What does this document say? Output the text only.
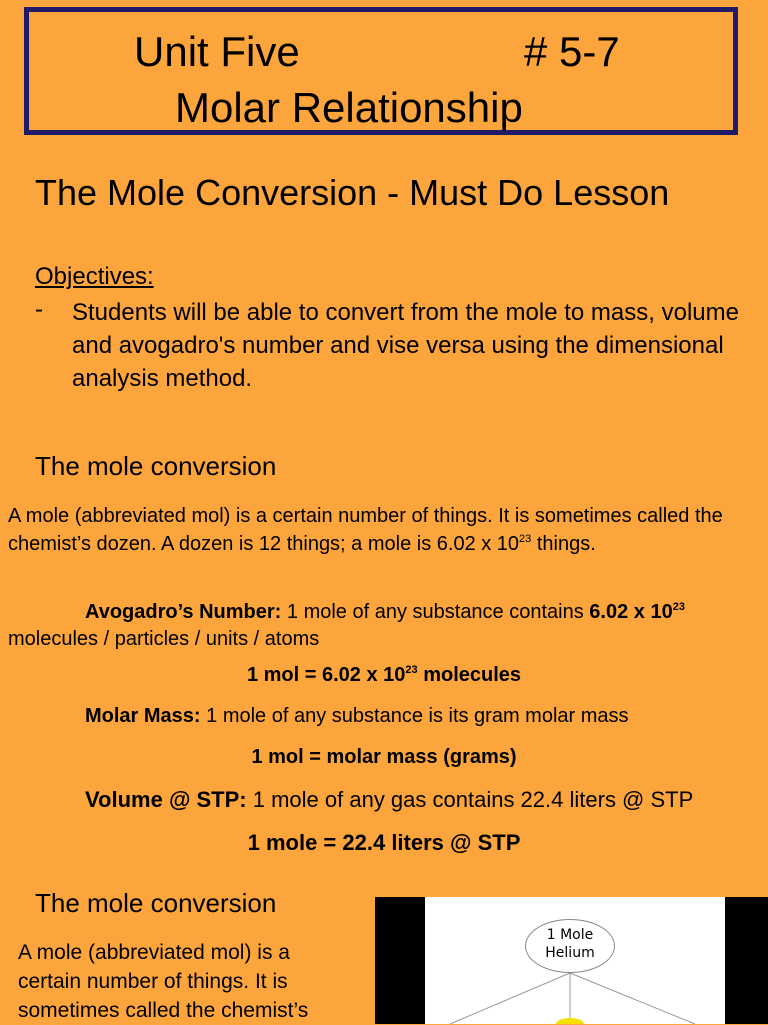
Unit Five	# 5-7
Molar Relationship
The Mole Conversion - Must Do Lesson
Objectives:
- Students will be able to convert from the mole to mass, volume and avogadro's number and vise versa using the dimensional analysis method.
The mole conversion
A mole (abbreviated mol) is a certain number of things. It is sometimes called the chemist’s dozen. A dozen is 12 things; a mole is 6.02 x $10^{23}$ things.
Avogadro’s Number: 1 mole of any substance contains 6.02 x $10^{23}$
molecules / particles / units / atoms
1 mol = 6.02 x $10^{23}$ molecules
Molar Mass: 1 mole of any substance is its gram molar mass
1 mol = molar mass (grams)
Volume @ STP: 1 mole of any gas contains 22.4 liters @ STP
1 mole = 22.4 liters @ STP
The mole conversion
A mole (abbreviated mol) is a certain number of things. It is sometimes called the chemist’s
1 Mole
Helium
